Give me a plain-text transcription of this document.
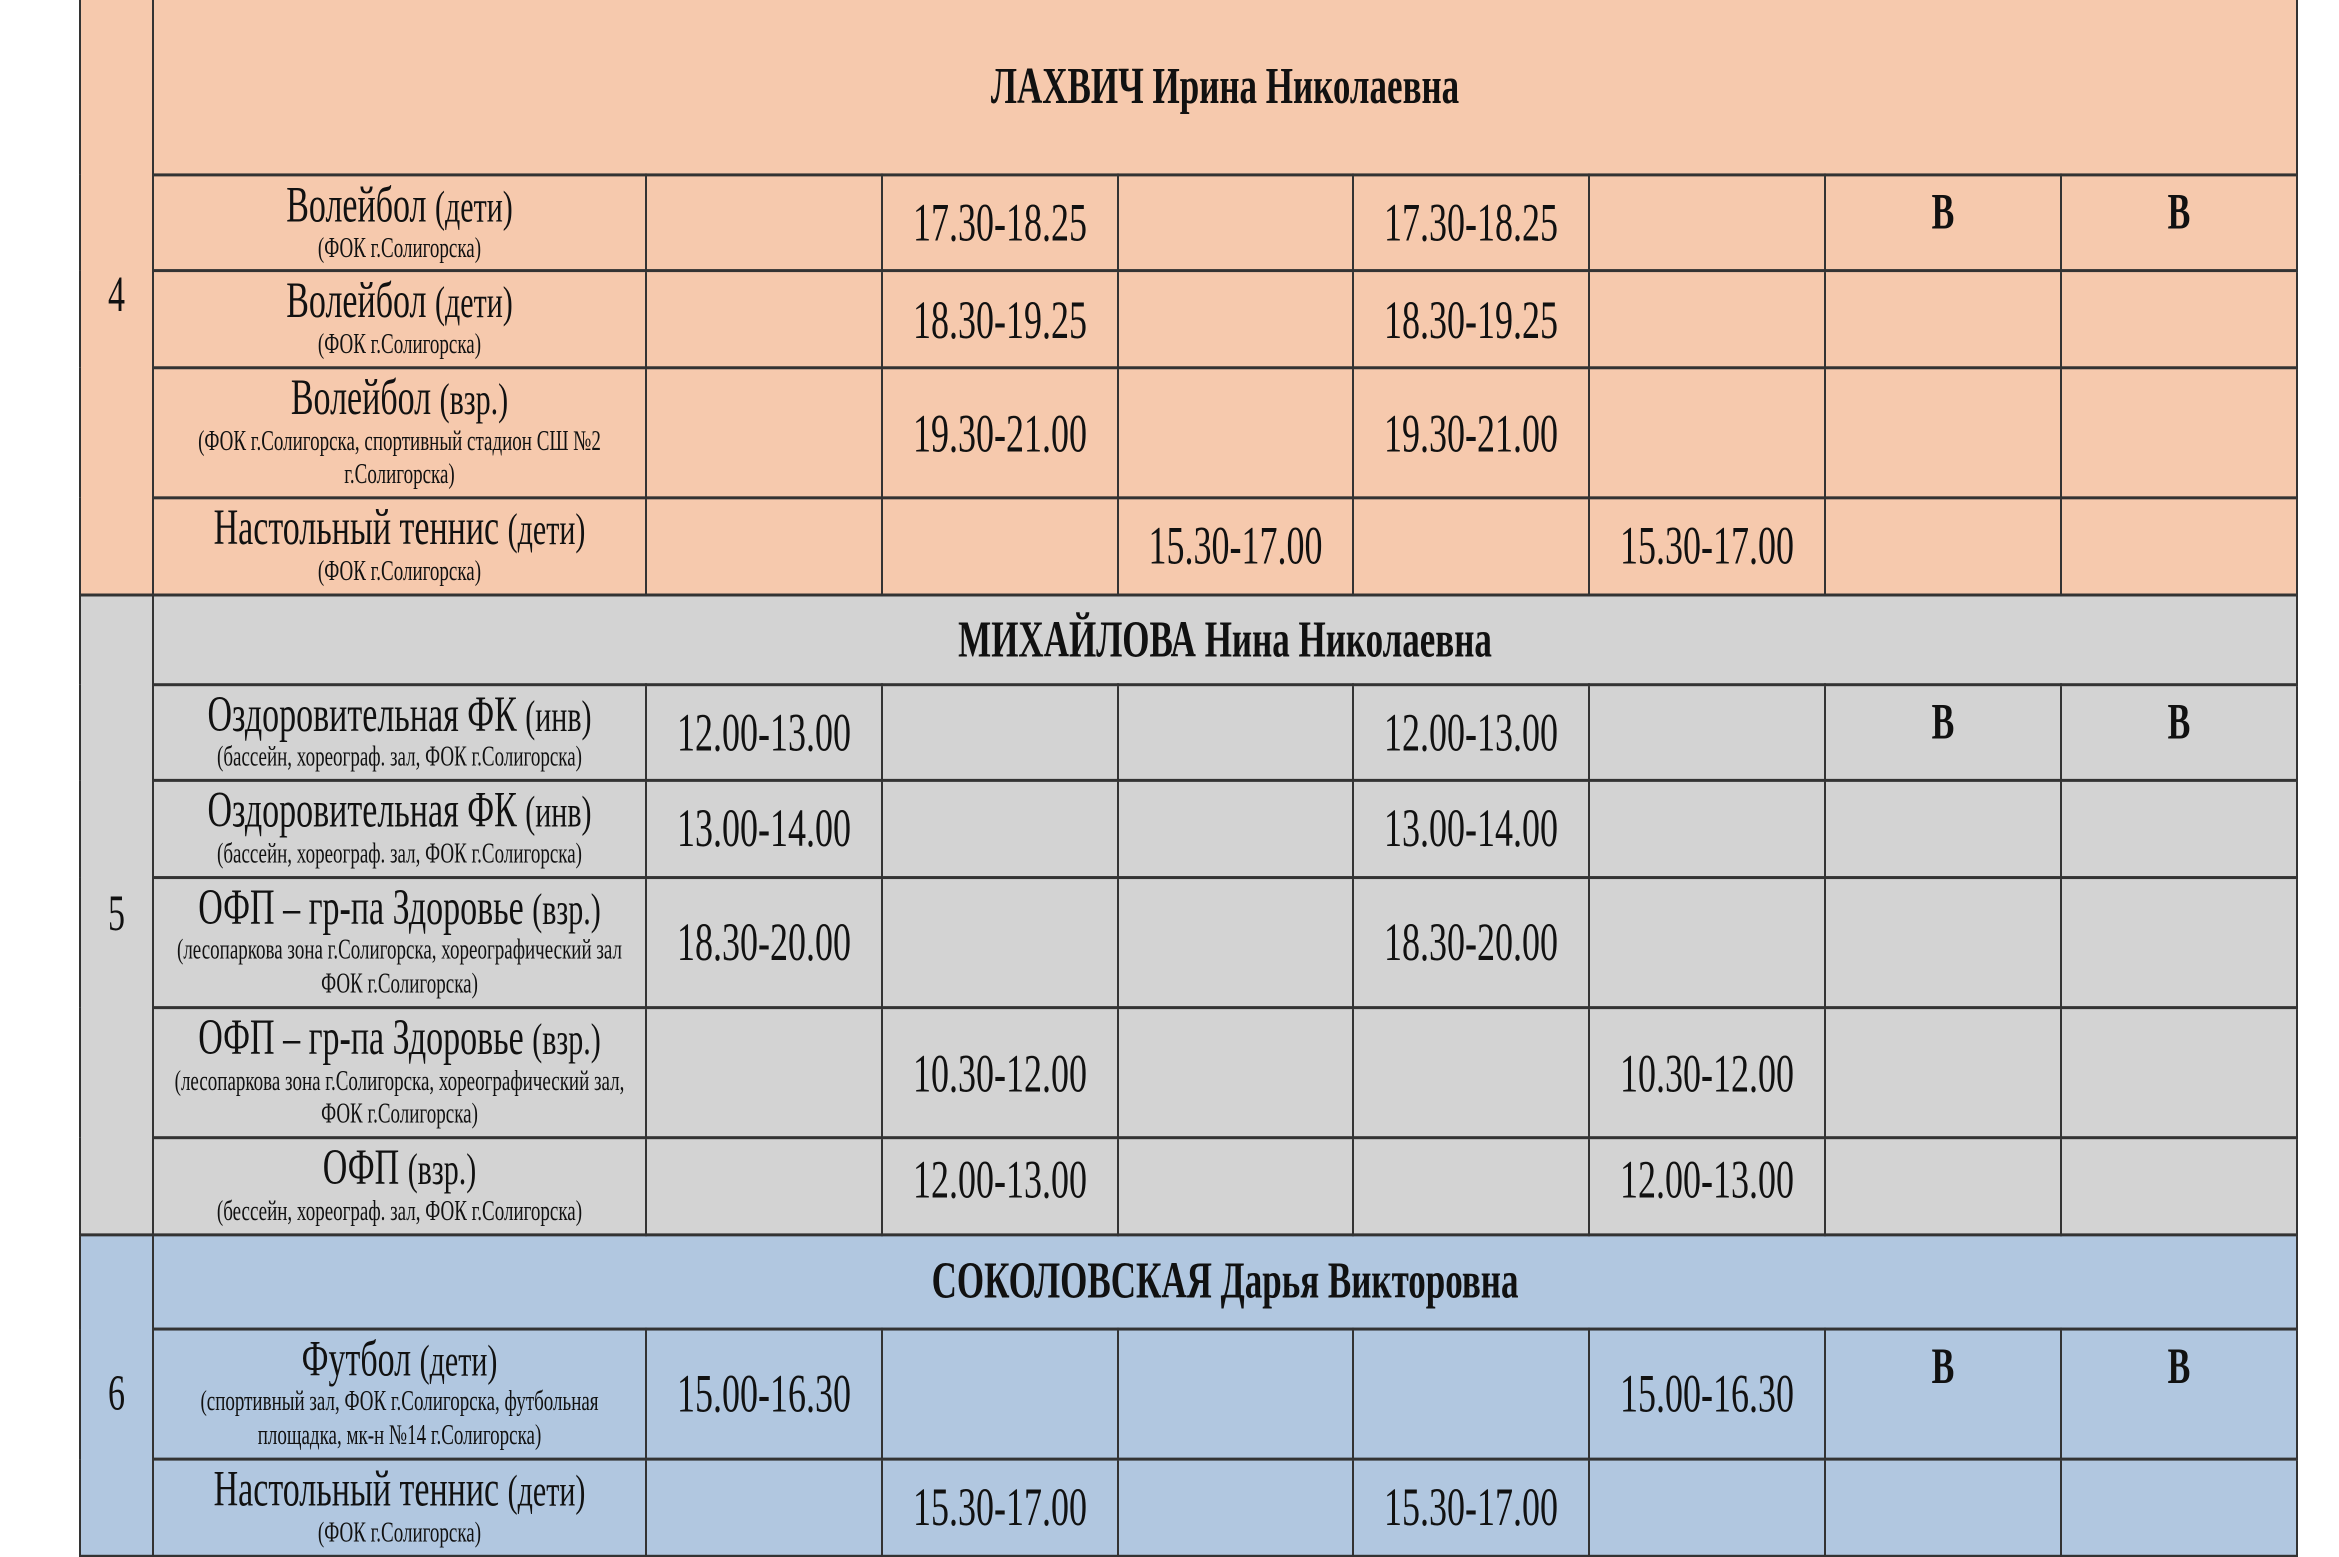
4	ЛАХВИЧ Ирина Николаевна							

	Волейбол (дети)
(ФОК г.Солигорска)		17.30-18.25		17.30-18.25		В	В

	Волейбол (дети)
(ФОК г.Солигорска)		18.30-19.25		18.30-19.25			

	Волейбол (взр.)
(ФОК г.Солигорска, спортивный стадион СШ №2 г.Солигорска)		19.30-21.00		19.30-21.00			

	Настольный теннис (дети)
(ФОК г.Солигорска)			15.30-17.00		15.30-17.00		
5	МИХАЙЛОВА Нина Николаевна							

	Оздоровительная ФК (инв)
(бассейн, хореограф. зал, ФОК г.Солигорска)	12.00-13.00			12.00-13.00		В	В

	Оздоровительная ФК (инв)
(бассейн, хореограф. зал, ФОК г.Солигорска)	13.00-14.00			13.00-14.00			

	ОФП – гр-па Здоровье (взр.)
(лесопаркова зона г.Солигорска, хореографический зал ФОК г.Солигорска)	18.30-20.00			18.30-20.00			

	ОФП – гр-па Здоровье (взр.)
(лесопаркова зона г.Солигорска, хореографический зал, ФОК г.Солигорска)		10.30-12.00			10.30-12.00		

	ОФП (взр.)
(бессейн, хореограф. зал, ФОК г.Солигорска)		12.00-13.00			12.00-13.00		
6	СОКОЛОВСКАЯ Дарья Викторовна							

	Футбол (дети)
(спортивный зал, ФОК г.Солигорска, футбольная площадка, мк-н №14 г.Солигорска)	15.00-16.30				15.00-16.30	В	В

	Настольный теннис (дети)
(ФОК г.Солигорска)		15.30-17.00		15.30-17.00			
